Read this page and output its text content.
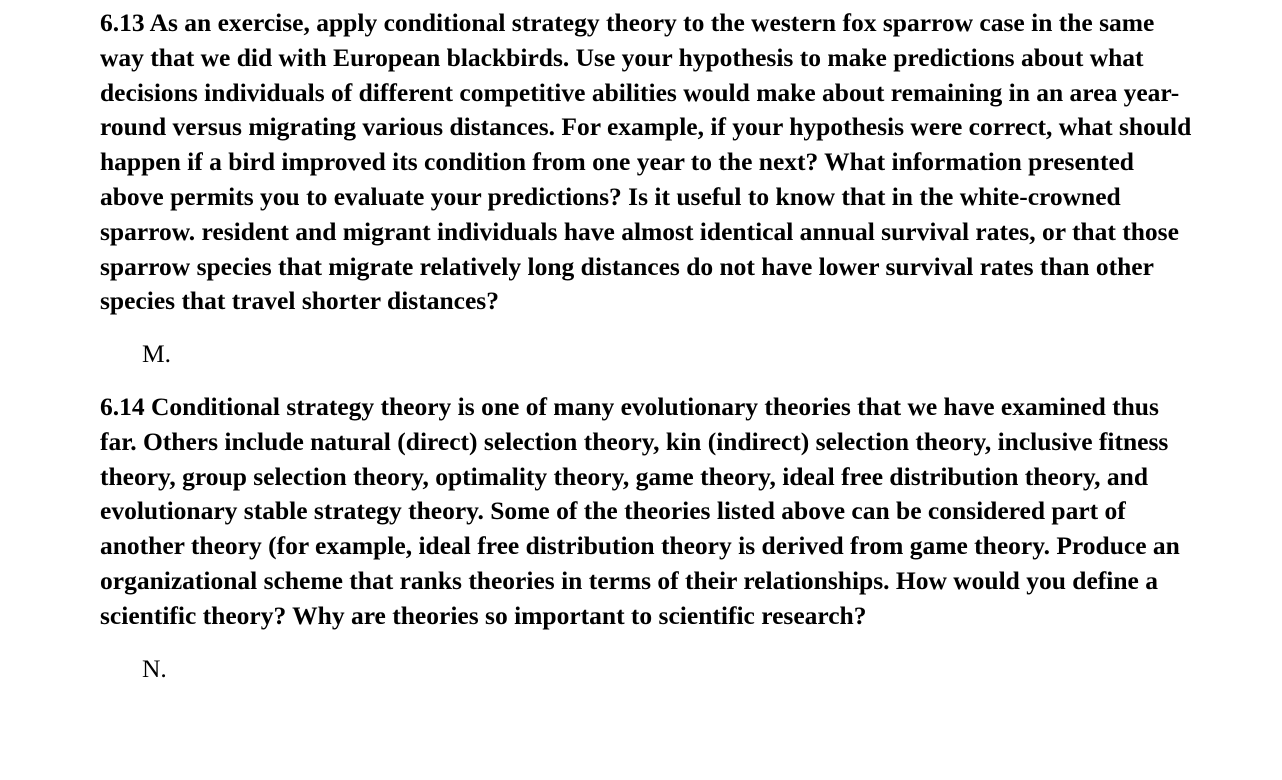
6.13 As an exercise, apply conditional strategy theory to the western fox sparrow case in the same way that we did with European blackbirds. Use your hypothesis to make predictions about what decisions individuals of different competitive abilities would make about remaining in an area year-round versus migrating various distances. For example, if your hypothesis were correct, what should happen if a bird improved its condition from one year to the next? What information presented above permits you to evaluate your predictions? Is it useful to know that in the white-crowned sparrow. resident and migrant individuals have almost identical annual survival rates, or that those sparrow species that migrate relatively long distances do not have lower survival rates than other species that travel shorter distances?

M.

6.14 Conditional strategy theory is one of many evolutionary theories that we have examined thus far. Others include natural (direct) selection theory, kin (indirect) selection theory, inclusive fitness theory, group selection theory, optimality theory, game theory, ideal free distribution theory, and evolutionary stable strategy theory. Some of the theories listed above can be considered part of another theory (for example, ideal free distribution theory is derived from game theory. Produce an organizational scheme that ranks theories in terms of their relationships. How would you define a scientific theory? Why are theories so important to scientific research?

N.
